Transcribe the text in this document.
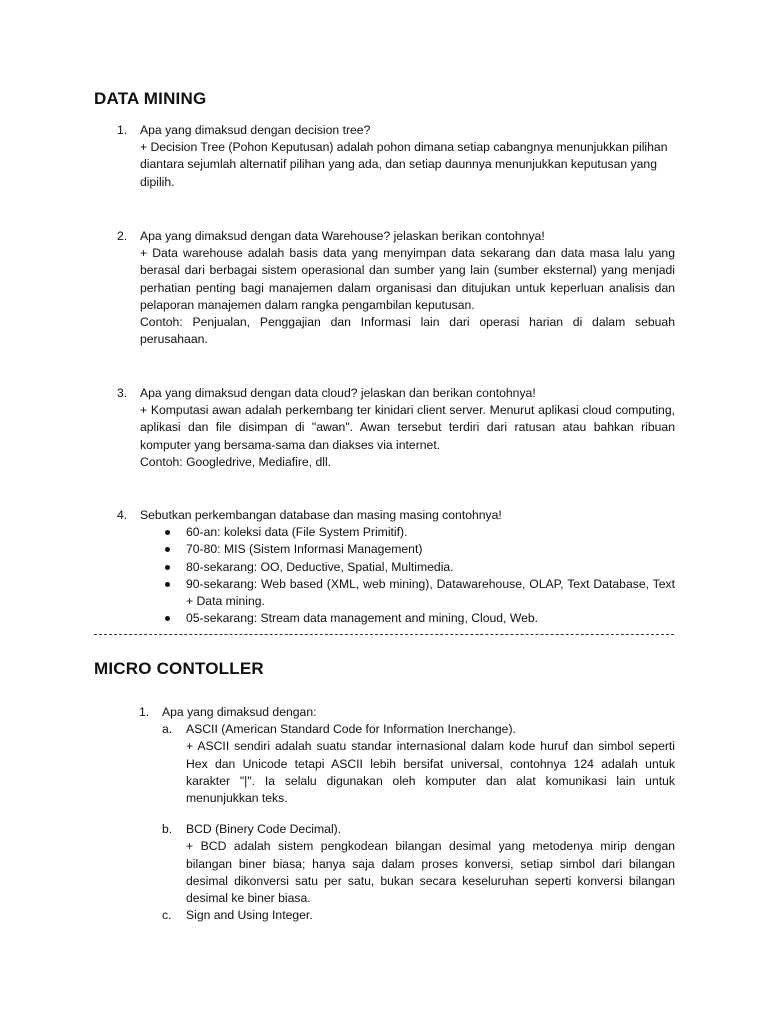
DATA MINING
1. Apa yang dimaksud dengan decision tree?
+ Decision Tree (Pohon Keputusan) adalah pohon dimana setiap cabangnya menunjukkan pilihan diantara sejumlah alternatif pilihan yang ada, dan setiap daunnya menunjukkan keputusan yang dipilih.
2. Apa yang dimaksud dengan data Warehouse? jelaskan berikan contohnya!
+ Data warehouse adalah basis data yang menyimpan data sekarang dan data masa lalu yang berasal dari berbagai sistem operasional dan sumber yang lain (sumber eksternal) yang menjadi perhatian penting bagi manajemen dalam organisasi dan ditujukan untuk keperluan analisis dan pelaporan manajemen dalam rangka pengambilan keputusan.
Contoh: Penjualan, Penggajian dan Informasi lain dari operasi harian di dalam sebuah perusahaan.
3. Apa yang dimaksud dengan data cloud? jelaskan dan berikan contohnya!
+ Komputasi awan adalah perkembang ter kinidari client server. Menurut aplikasi cloud computing, aplikasi dan file disimpan di "awan". Awan tersebut terdiri dari ratusan atau bahkan ribuan komputer yang bersama-sama dan diakses via internet.
Contoh: Googledrive, Mediafire, dll.
4. Sebutkan perkembangan database dan masing masing contohnya!
60-an: koleksi data (File System Primitif).
70-80: MIS (Sistem Informasi Management)
80-sekarang: OO, Deductive, Spatial, Multimedia.
90-sekarang: Web based (XML, web mining), Datawarehouse, OLAP, Text Database, Text + Data mining.
05-sekarang: Stream data management and mining, Cloud, Web.
MICRO CONTOLLER
1. Apa yang dimaksud dengan:
a. ASCII (American Standard Code for Information Inerchange).
+ ASCII sendiri adalah suatu standar internasional dalam kode huruf dan simbol seperti Hex dan Unicode tetapi ASCII lebih bersifat universal, contohnya 124 adalah untuk karakter "|". Ia selalu digunakan oleh komputer dan alat komunikasi lain untuk menunjukkan teks.
b. BCD (Binery Code Decimal).
+ BCD adalah sistem pengkodean bilangan desimal yang metodenya mirip dengan bilangan biner biasa; hanya saja dalam proses konversi, setiap simbol dari bilangan desimal dikonversi satu per satu, bukan secara keseluruhan seperti konversi bilangan desimal ke biner biasa.
c. Sign and Using Integer.
